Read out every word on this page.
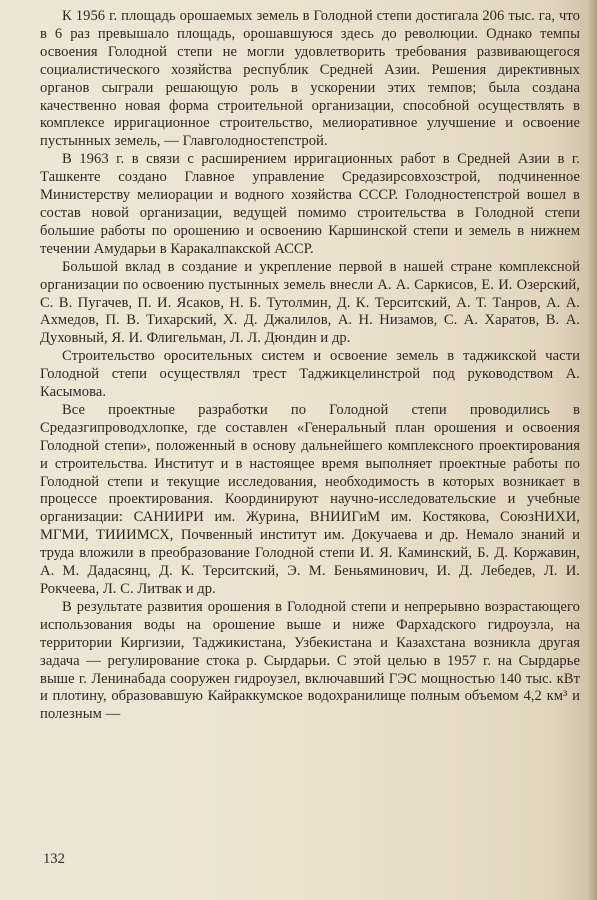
К 1956 г. площадь орошаемых земель в Голодной степи достигала 206 тыс. га, что в 6 раз превышало площадь, орошавшуюся здесь до революции. Однако темпы освоения Голодной степи не могли удовлетворить требования развивающегося социалистического хозяйства республик Средней Азии. Решения директивных органов сыграли решающую роль в ускорении этих темпов; была создана качественно новая форма строительной организации, способной осуществлять в комплексе ирригационное строительство, мелиоративное улучшение и освоение пустынных земель, — Главголодностепстрой.

В 1963 г. в связи с расширением ирригационных работ в Средней Азии в г. Ташкенте создано Главное управление Средазирсовхозстрой, подчиненное Министерству мелиорации и водного хозяйства СССР. Голодностепстрой вошел в состав новой организации, ведущей помимо строительства в Голодной степи большие работы по орошению и освоению Каршинской степи и земель в нижнем течении Амударьи в Каракалпакской АССР.

Большой вклад в создание и укрепление первой в нашей стране комплексной организации по освоению пустынных земель внесли А. А. Саркисов, Е. И. Озерский, С. В. Пугачев, П. И. Ясаков, Н. Б. Тутолмин, Д. К. Терситский, А. Т. Танров, А. А. Ахмедов, П. В. Тихарский, Х. Д. Джалилов, А. Н. Низамов, С. А. Харатов, В. А. Духовный, Я. И. Флигельман, Л. Л. Дюндин и др.

Строительство оросительных систем и освоение земель в таджикской части Голодной степи осуществлял трест Таджикцелинстрой под руководством А. Касымова.

Все проектные разработки по Голодной степи проводились в Средазгипроводхлопке, где составлен «Генеральный план орошения и освоения Голодной степи», положенный в основу дальнейшего комплексного проектирования и строительства. Институт и в настоящее время выполняет проектные работы по Голодной степи и текущие исследования, необходимость в которых возникает в процессе проектирования. Координируют научно-исследовательские и учебные организации: САНИИРИ им. Журина, ВНИИГиМ им. Костякова, СоюзНИХИ, МГМИ, ТИИИМСХ, Почвенный институт им. Докучаева и др. Немало знаний и труда вложили в преобразование Голодной степи И. Я. Каминский, Б. Д. Коржавин, А. М. Дадасянц, Д. К. Терситский, Э. М. Беньяминович, И. Д. Лебедев, Л. И. Рокчеева, Л. С. Литвак и др.

В результате развития орошения в Голодной степи и непрерывно возрастающего использования воды на орошение выше и ниже Фархадского гидроузла, на территории Киргизии, Таджикистана, Узбекистана и Казахстана возникла другая задача — регулирование стока р. Сырдарьи. С этой целью в 1957 г. на Сырдарье выше г. Ленинабада сооружен гидроузел, включавший ГЭС мощностью 140 тыс. кВт и плотину, образовавшую Кайраккумское водохранилище полным объемом 4,2 км³ и полезным —

132
